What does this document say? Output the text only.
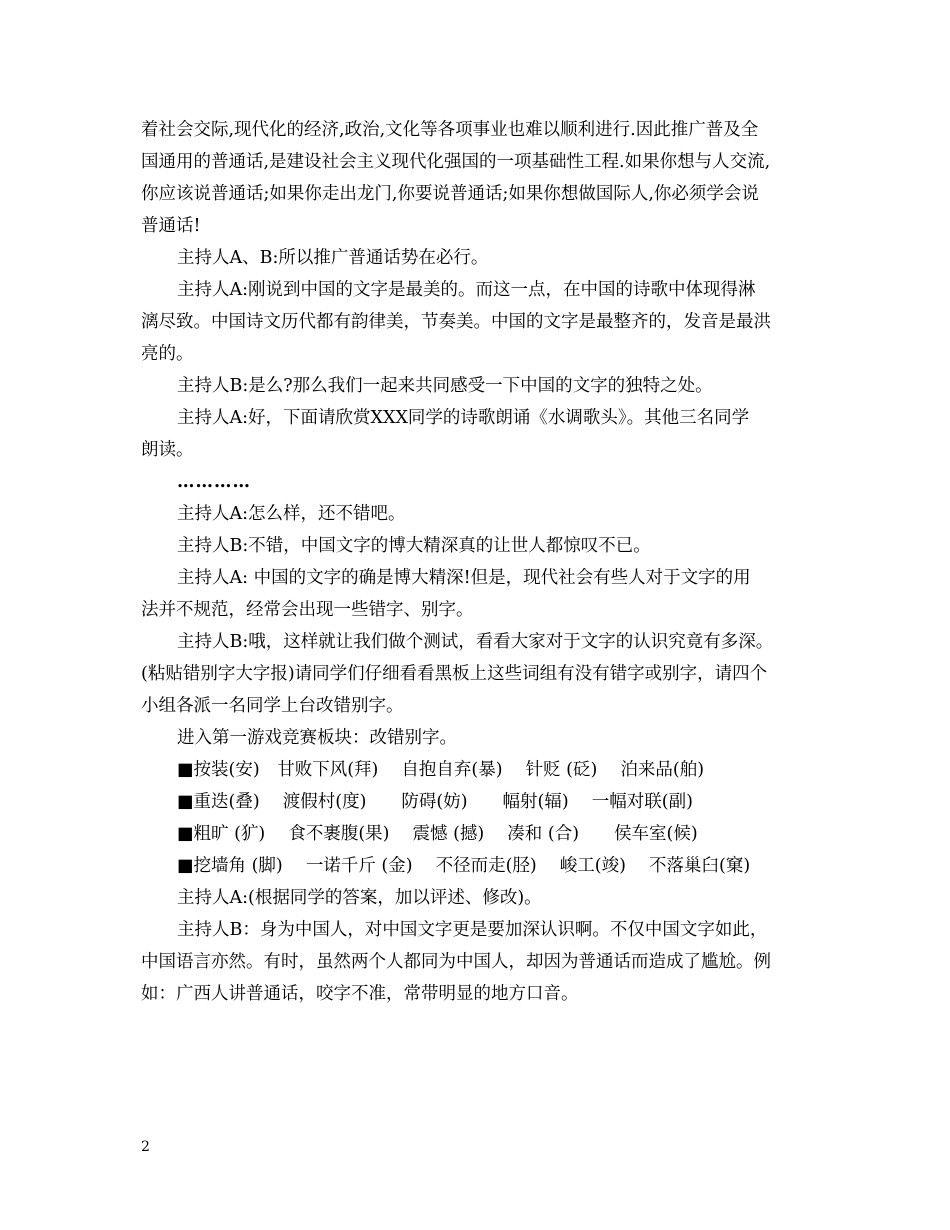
着社会交际,现代化的经济,政治,文化等各项事业也难以顺利进行.因此推广普及全
国通用的普通话,是建设社会主义现代化强国的一项基础性工程.如果你想与人交流,
你应该说普通话;如果你走出龙门,你要说普通话;如果你想做国际人,你必须学会说
普通话!
主持人A、B:所以推广普通话势在必行。
主持人A:刚说到中国的文字是最美的。而这一点，在中国的诗歌中体现得淋
漓尽致。中国诗文历代都有韵律美，节奏美。中国的文字是最整齐的，发音是最洪
亮的。
主持人B:是么?那么我们一起来共同感受一下中国的文字的独特之处。
主持人A:好，下面请欣赏XXX同学的诗歌朗诵《水调歌头》。其他三名同学
朗读。
…………
主持人A:怎么样，还不错吧。
主持人B:不错，中国文字的博大精深真的让世人都惊叹不已。
主持人A: 中国的文字的确是博大精深!但是，现代社会有些人对于文字的用
法并不规范，经常会出现一些错字、别字。
主持人B:哦，这样就让我们做个测试，看看大家对于文字的认识究竟有多深。
(粘贴错别字大字报)请同学们仔细看看黑板上这些词组有没有错字或别字，请四个
小组各派一名同学上台改错别字。
进入第一游戏竞赛板块：改错别字。
■按装(安)　甘败下风(拜)　 自抱自弃(暴)　 针贬 (砭)　 泊来品(舶)
■重迭(叠)　 渡假村(度)　　防碍(妨)　　幅射(辐)　 一幅对联(副)
■粗旷 (犷)　 食不裹腹(果)　 震憾 (撼)　 凑和 (合)　　侯车室(候)
■挖墙角 (脚)　 一诺千斤 (金)　 不径而走(胫)　 峻工(竣)　 不落巢臼(窠)
主持人A:(根据同学的答案，加以评述、修改)。
主持人B：身为中国人，对中国文字更是要加深认识啊。不仅中国文字如此，
中国语言亦然。有时，虽然两个人都同为中国人，却因为普通话而造成了尴尬。例
如：广西人讲普通话，咬字不准，常带明显的地方口音。
2
